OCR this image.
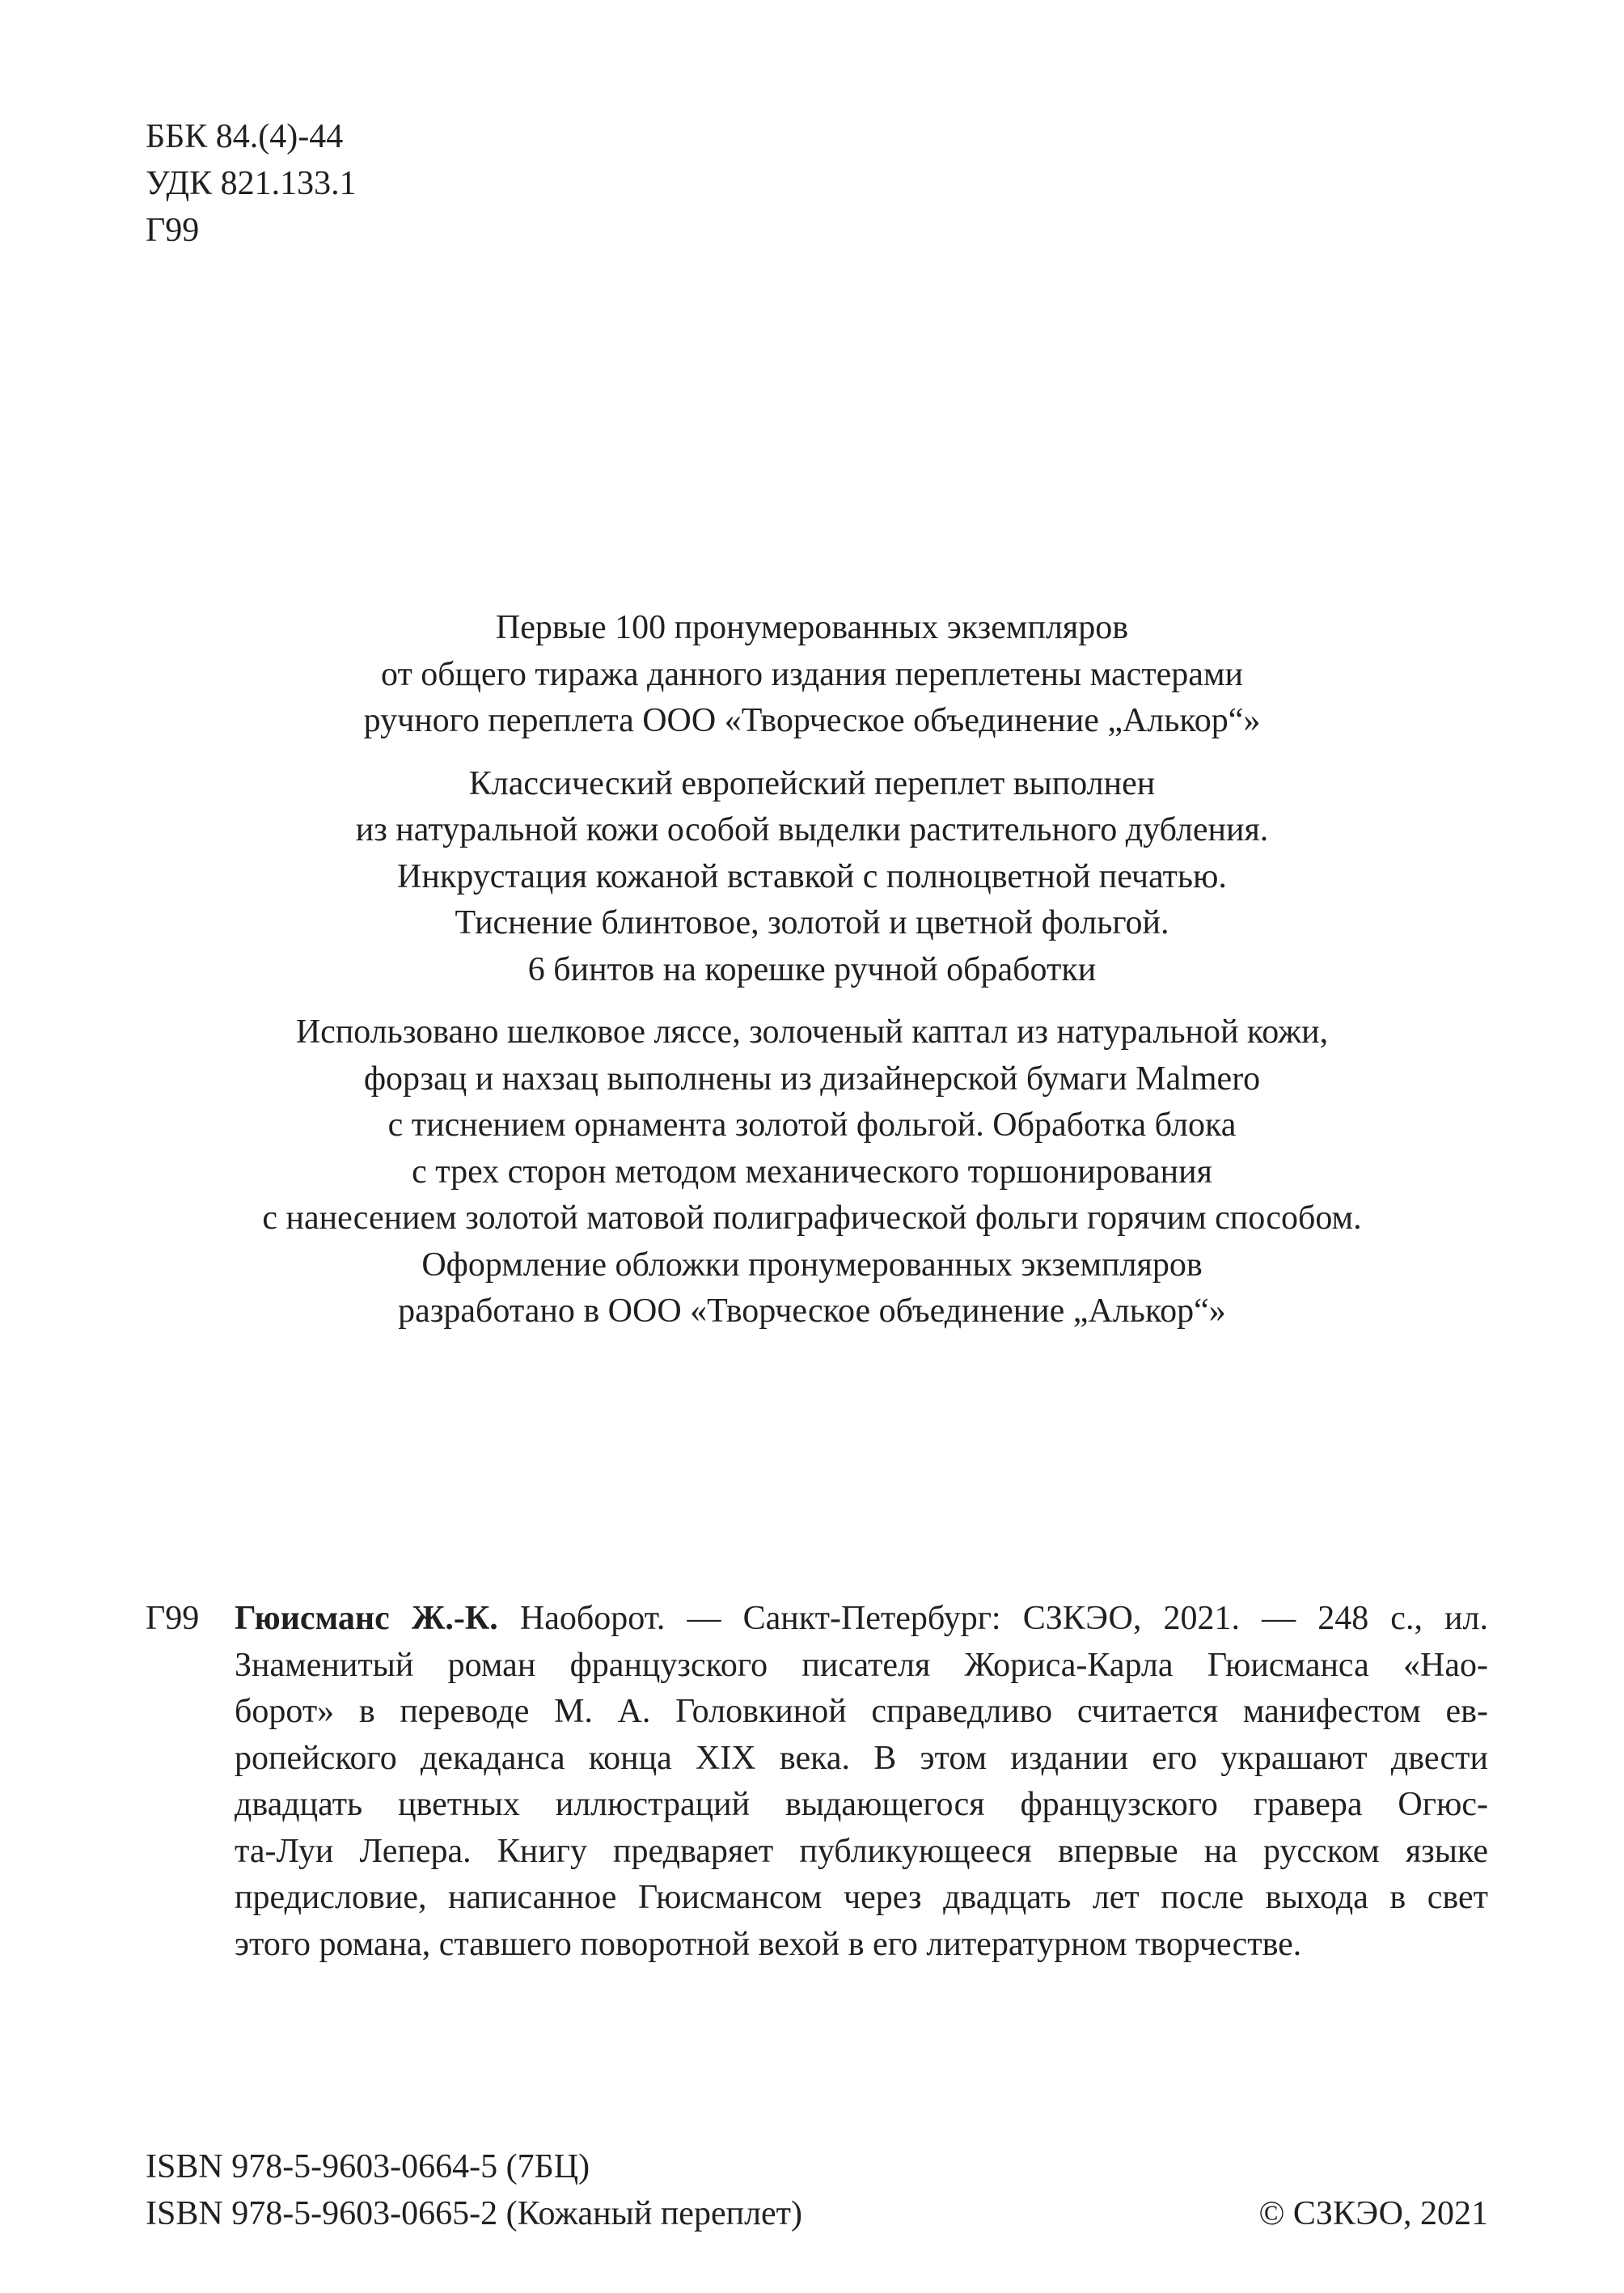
ББК 84.(4)-44
УДК 821.133.1
Г99
Первые 100 пронумерованных экземпляров
от общего тиража данного издания переплетены мастерами
ручного переплета ООО «Творческое объединение „Алькор“»
Классический европейский переплет выполнен
из натуральной кожи особой выделки растительного дубления.
Инкрустация кожаной вставкой с полноцветной печатью.
Тиснение блинтовое, золотой и цветной фольгой.
6 бинтов на корешке ручной обработки
Использовано шелковое ляссе, золоченый каптал из натуральной кожи,
форзац и нахзац выполнены из дизайнерской бумаги Malmero
с тиснением орнамента золотой фольгой. Обработка блока
с трех сторон методом механического торшонирования
с нанесением золотой матовой полиграфической фольги горячим способом.
Оформление обложки пронумерованных экземпляров
разработано в ООО «Творческое объединение „Алькор“»
Г99 Гюисманс Ж.-К. Наоборот. — Санкт-Петербург: СЗКЭО, 2021. — 248 с., ил.
Знаменитый роман французского писателя Жориса-Карла Гюисманса «Нао-
борот» в переводе М. А. Головкиной справедливо считается манифестом ев-
ропейского декаданса конца XIX века. В этом издании его украшают двести
двадцать цветных иллюстраций выдающегося французского гравера Огюс-
та-Луи Лепера. Книгу предваряет публикующееся впервые на русском языке
предисловие, написанное Гюисмансом через двадцать лет после выхода в свет
этого романа, ставшего поворотной вехой в его литературном творчестве.
ISBN 978-5-9603-0664-5 (7БЦ)
ISBN 978-5-9603-0665-2 (Кожаный переплет)	© СЗКЭО, 2021
